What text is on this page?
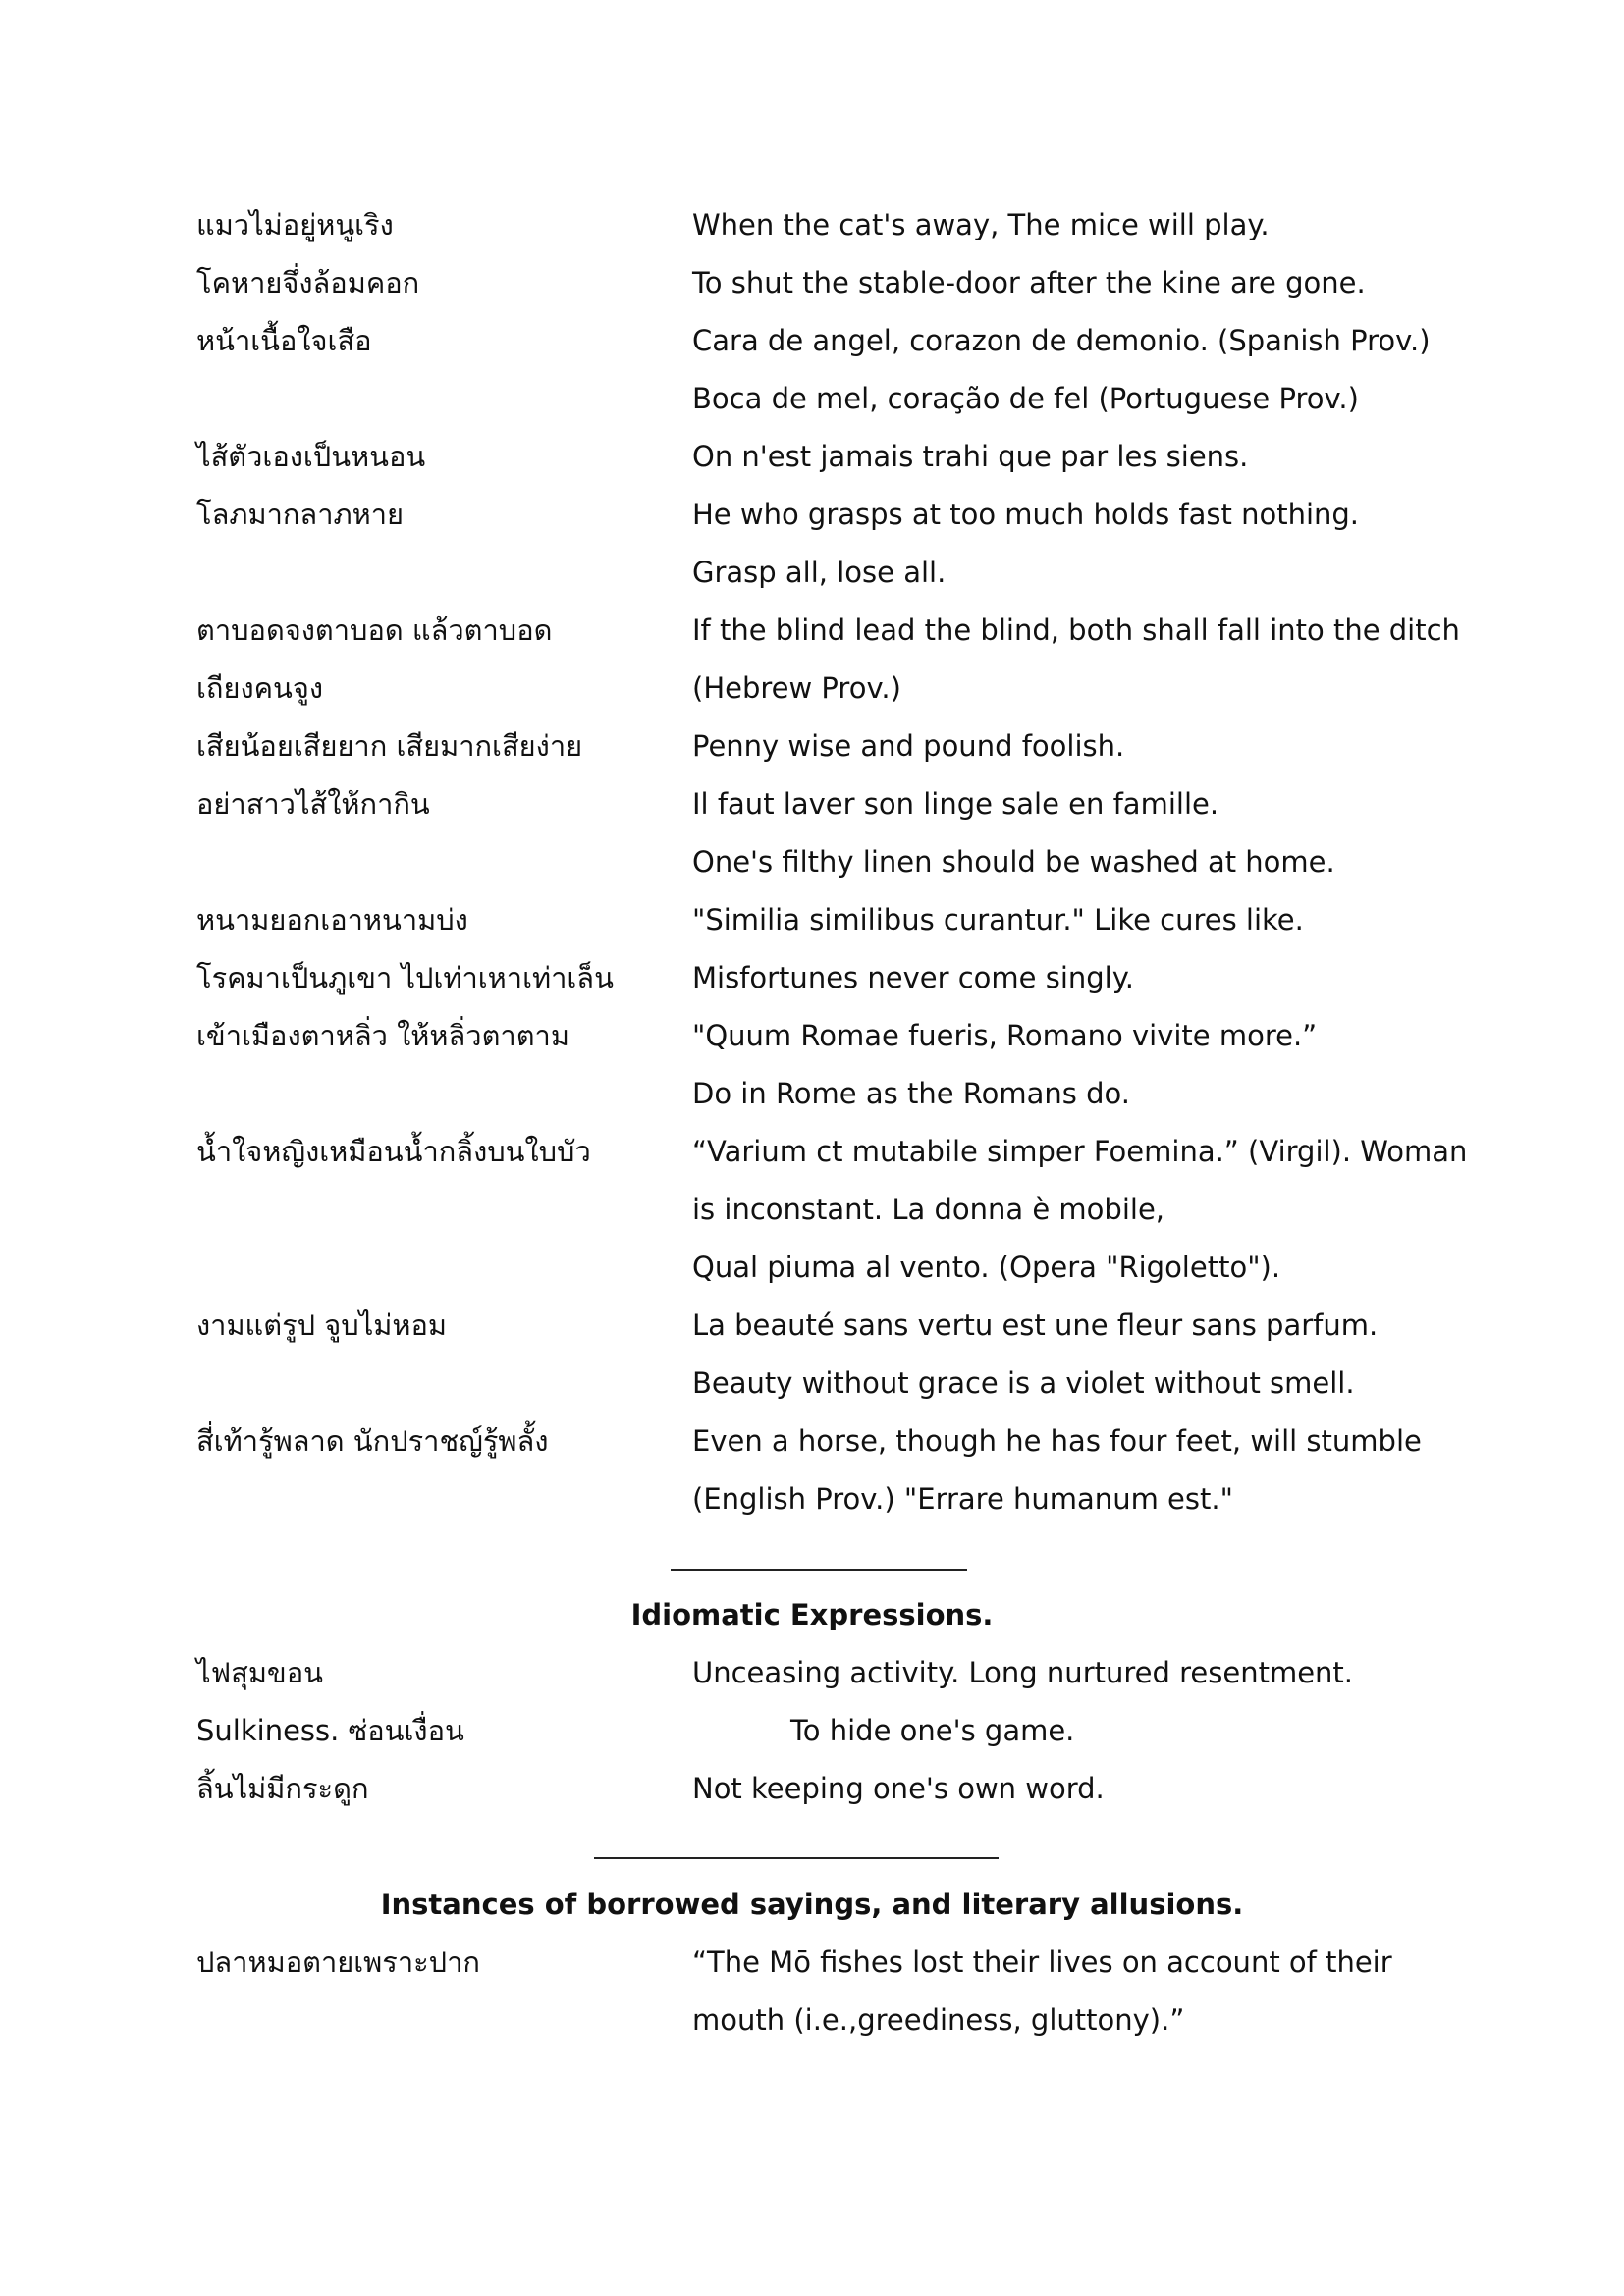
แมวไม่อยู่หนูเริง	When the cat's away, The mice will play.
โคหายจึ่งล้อมคอก	To shut the stable-door after the kine are gone.
หน้าเนื้อใจเสือ	Cara de angel, corazon de demonio. (Spanish Prov.)
Boca de mel, coração de fel (Portuguese Prov.)
ไส้ตัวเองเป็นหนอน	On n'est jamais trahi que par les siens.
โลภมากลาภหาย	He who grasps at too much holds fast nothing.
Grasp all, lose all.
ตาบอดจงตาบอด แล้วตาบอด	If the blind lead the blind, both shall fall into the ditch
เถียงคนจูง	(Hebrew Prov.)
เสียน้อยเสียยาก เสียมากเสียง่าย	Penny wise and pound foolish.
อย่าสาวไส้ให้กากิน	Il faut laver son linge sale en famille.
One's filthy linen should be washed at home.
หนามยอกเอาหนามบ่ง	"Similia similibus curantur." Like cures like.
โรคมาเป็นภูเขา ไปเท่าเหาเท่าเล็น	Misfortunes never come singly.
เข้าเมืองตาหลิ่ว ให้หลิ่วตาตาม	"Quum Romae fueris, Romano vivite more.”
Do in Rome as the Romans do.
น้ำใจหญิงเหมือนน้ำกลิ้งบนใบบัว	“Varium ct mutabile simper Foemina.” (Virgil). Woman
is inconstant. La donna è mobile,
Qual piuma al vento. (Opera "Rigoletto").
งามแต่รูป จูบไม่หอม	La beauté sans vertu est une fleur sans parfum.
Beauty without grace is a violet without smell.
สี่เท้ารู้พลาด นักปราชญ์รู้พลั้ง	Even a horse, though he has four feet, will stumble
(English Prov.) "Errare humanum est."
Idiomatic Expressions.
ไฟสุมขอน	Unceasing activity. Long nurtured resentment.
Sulkiness. ซ่อนเงื่อน	To hide one's game.
ลิ้นไม่มีกระดูก	Not keeping one's own word.
Instances of borrowed sayings, and literary allusions.
ปลาหมอตายเพราะปาก	“The Mō fishes lost their lives on account of their
mouth (i.e.,greediness, gluttony).”
